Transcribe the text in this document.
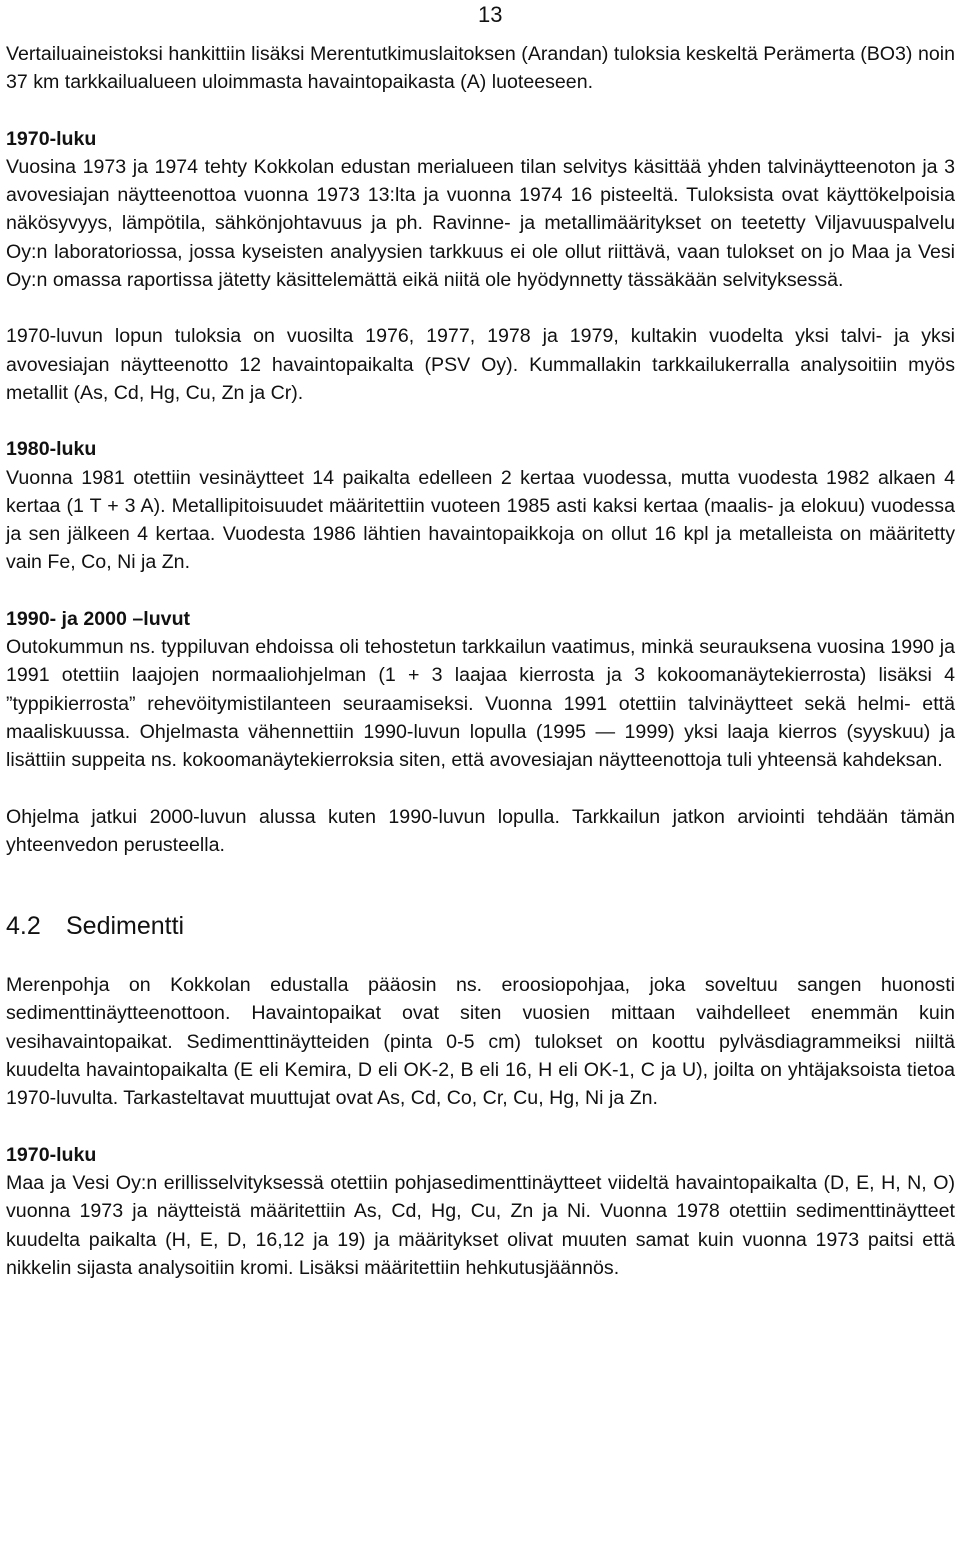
13

Vertailuaineistoksi hankittiin lisäksi Merentutkimuslaitoksen (Arandan) tuloksia keskeltä Perämerta (BO3) noin 37 km tarkkailualueen uloimmasta havaintopaikasta (A) luoteeseen.

1970-luku

Vuosina 1973 ja 1974 tehty Kokkolan edustan merialueen tilan selvitys käsittää yhden talvinäytteenoton ja 3 avovesiajan näytteenottoa vuonna 1973 13:lta ja vuonna 1974 16 pisteeltä. Tuloksista ovat käyttökelpoisia näkösyvyys, lämpötila, sähkönjohtavuus ja ph. Ravinne- ja metallimääritykset on teetetty Viljavuuspalvelu Oy:n laboratoriossa, jossa kyseisten analyysien tarkkuus ei ole ollut riittävä, vaan tulokset on jo Maa ja Vesi Oy:n omassa raportissa jätetty käsittelemättä eikä niitä ole hyödynnetty tässäkään selvityksessä.

1970-luvun lopun tuloksia on vuosilta 1976, 1977, 1978 ja 1979, kultakin vuodelta yksi talvi- ja yksi avovesiajan näytteenotto 12 havaintopaikalta (PSV Oy). Kummallakin tarkkailukerralla analysoitiin myös metallit (As, Cd, Hg, Cu, Zn ja Cr).

1980-luku

Vuonna 1981 otettiin vesinäytteet 14 paikalta edelleen 2 kertaa vuodessa, mutta vuodesta 1982 alkaen 4 kertaa (1 T + 3 A). Metallipitoisuudet määritettiin vuoteen 1985 asti kaksi kertaa (maalis- ja elokuu) vuodessa ja sen jälkeen 4 kertaa. Vuodesta 1986 lähtien havaintopaikkoja on ollut 16 kpl ja metalleista on määritetty vain Fe, Co, Ni ja Zn.

1990- ja 2000 –luvut

Outokummun ns. typpiluvan ehdoissa oli tehostetun tarkkailun vaatimus, minkä seurauksena vuosina 1990 ja 1991 otettiin laajojen normaaliohjelman (1 + 3 laajaa kierrosta ja 3 kokoomanäytekierrosta) lisäksi 4 ”typpikierrosta” rehevöitymistilanteen seuraamiseksi. Vuonna 1991 otettiin talvinäytteet sekä helmi- että maaliskuussa. Ohjelmasta vähennettiin 1990-luvun lopulla (1995 — 1999) yksi laaja kierros (syyskuu) ja lisättiin suppeita ns. kokoomanäytekierroksia siten, että avovesiajan näytteenottoja tuli yhteensä kahdeksan.

Ohjelma jatkui 2000-luvun alussa kuten 1990-luvun lopulla. Tarkkailun jatkon arviointi tehdään tämän yhteenvedon perusteella.

4.2 Sedimentti

Merenpohja on Kokkolan edustalla pääosin ns. eroosiopohjaa, joka soveltuu sangen huonosti sedimenttinäytteenottoon. Havaintopaikat ovat siten vuosien mittaan vaihdelleet enemmän kuin vesihavaintopaikat. Sedimenttinäytteiden (pinta 0-5 cm) tulokset on koottu pylväsdiagrammeiksi niiltä kuudelta havaintopaikalta (E eli Kemira, D eli OK-2, B eli 16, H eli OK-1, C ja U), joilta on yhtäjaksoista tietoa 1970-luvulta. Tarkasteltavat muuttujat ovat As, Cd, Co, Cr, Cu, Hg, Ni ja Zn.

1970-luku

Maa ja Vesi Oy:n erillisselvityksessä otettiin pohjasedimenttinäytteet viideltä havaintopaikalta (D, E, H, N, O) vuonna 1973 ja näytteistä määritettiin As, Cd, Hg, Cu, Zn ja Ni. Vuonna 1978 otettiin sedimenttinäytteet kuudelta paikalta (H, E, D, 16,12 ja 19) ja määritykset olivat muuten samat kuin vuonna 1973 paitsi että nikkelin sijasta analysoitiin kromi. Lisäksi määritettiin hehkutusjäännös.
